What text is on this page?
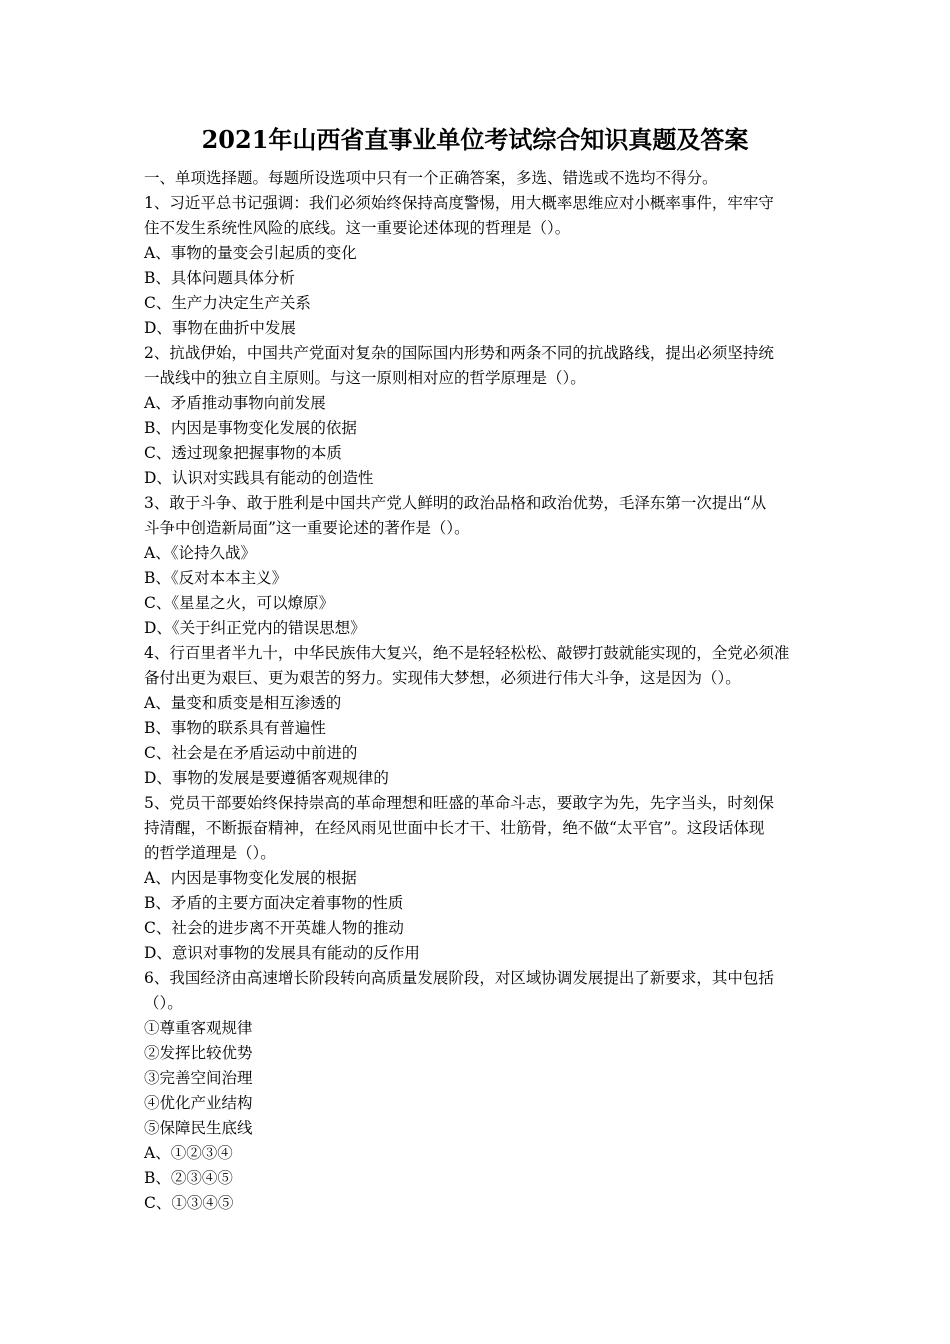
2021年山西省直事业单位考试综合知识真题及答案
一、单项选择题。每题所设选项中只有一个正确答案，多选、错选或不选均不得分。
1、习近平总书记强调：我们必须始终保持高度警惕，用大概率思维应对小概率事件，牢牢守
住不发生系统性风险的底线。这一重要论述体现的哲理是（）。
A、事物的量变会引起质的变化
B、具体问题具体分析
C、生产力决定生产关系
D、事物在曲折中发展
2、抗战伊始，中国共产党面对复杂的国际国内形势和两条不同的抗战路线，提出必须坚持统
一战线中的独立自主原则。与这一原则相对应的哲学原理是（）。
A、矛盾推动事物向前发展
B、内因是事物变化发展的依据
C、透过现象把握事物的本质
D、认识对实践具有能动的创造性
3、敢于斗争、敢于胜利是中国共产党人鲜明的政治品格和政治优势，毛泽东第一次提出“从
斗争中创造新局面”这一重要论述的著作是（）。
A、《论持久战》
B、《反对本本主义》
C、《星星之火，可以燎原》
D、《关于纠正党内的错误思想》
4、行百里者半九十，中华民族伟大复兴，绝不是轻轻松松、敲锣打鼓就能实现的，全党必须准
备付出更为艰巨、更为艰苦的努力。实现伟大梦想，必须进行伟大斗争，这是因为（）。
A、量变和质变是相互渗透的
B、事物的联系具有普遍性
C、社会是在矛盾运动中前进的
D、事物的发展是要遵循客观规律的
5、党员干部要始终保持崇高的革命理想和旺盛的革命斗志，要敢字为先，先字当头，时刻保
持清醒，不断振奋精神，在经风雨见世面中长才干、壮筋骨，绝不做“太平官”。这段话体现
的哲学道理是（）。
A、内因是事物变化发展的根据
B、矛盾的主要方面决定着事物的性质
C、社会的进步离不开英雄人物的推动
D、意识对事物的发展具有能动的反作用
6、我国经济由高速增长阶段转向高质量发展阶段，对区域协调发展提出了新要求，其中包括
（）。
①尊重客观规律
②发挥比较优势
③完善空间治理
④优化产业结构
⑤保障民生底线
A、①②③④
B、②③④⑤
C、①③④⑤
